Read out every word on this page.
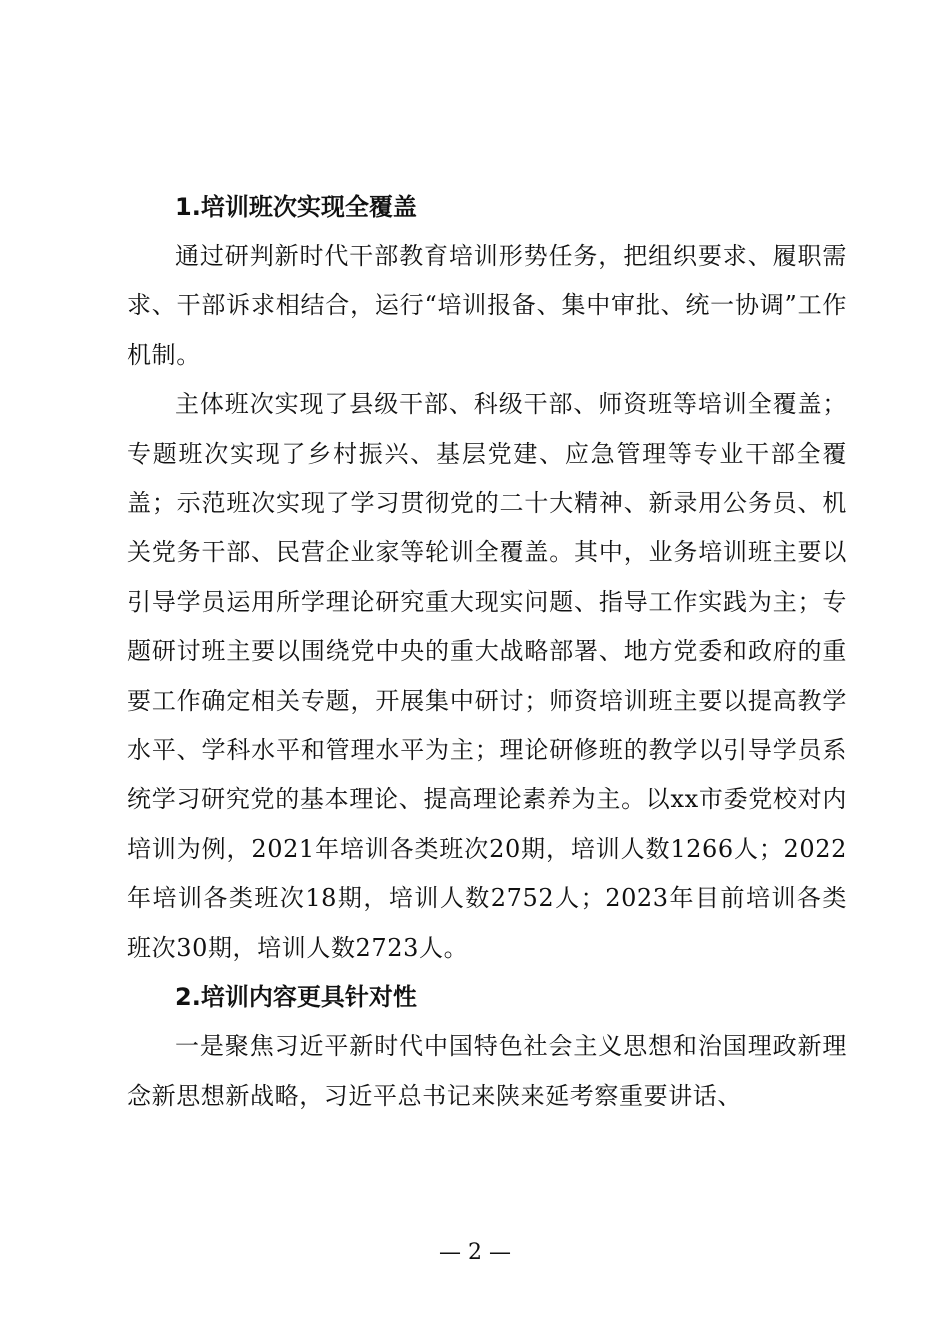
1.培训班次实现全覆盖

通过研判新时代干部教育培训形势任务，把组织要求、履职需求、干部诉求相结合，运行“培训报备、集中审批、统一协调”工作机制。

主体班次实现了县级干部、科级干部、师资班等培训全覆盖；专题班次实现了乡村振兴、基层党建、应急管理等专业干部全覆盖；示范班次实现了学习贯彻党的二十大精神、新录用公务员、机关党务干部、民营企业家等轮训全覆盖。其中，业务培训班主要以引导学员运用所学理论研究重大现实问题、指导工作实践为主；专题研讨班主要以围绕党中央的重大战略部署、地方党委和政府的重要工作确定相关专题，开展集中研讨；师资培训班主要以提高教学水平、学科水平和管理水平为主；理论研修班的教学以引导学员系统学习研究党的基本理论、提高理论素养为主。以xx市委党校对内培训为例，2021年培训各类班次20期，培训人数1266人；2022年培训各类班次18期，培训人数2752人；2023年目前培训各类班次30期，培训人数2723人。

2.培训内容更具针对性

一是聚焦习近平新时代中国特色社会主义思想和治国理政新理念新思想新战略，习近平总书记来陕来延考察重要讲话、

— 2 —
